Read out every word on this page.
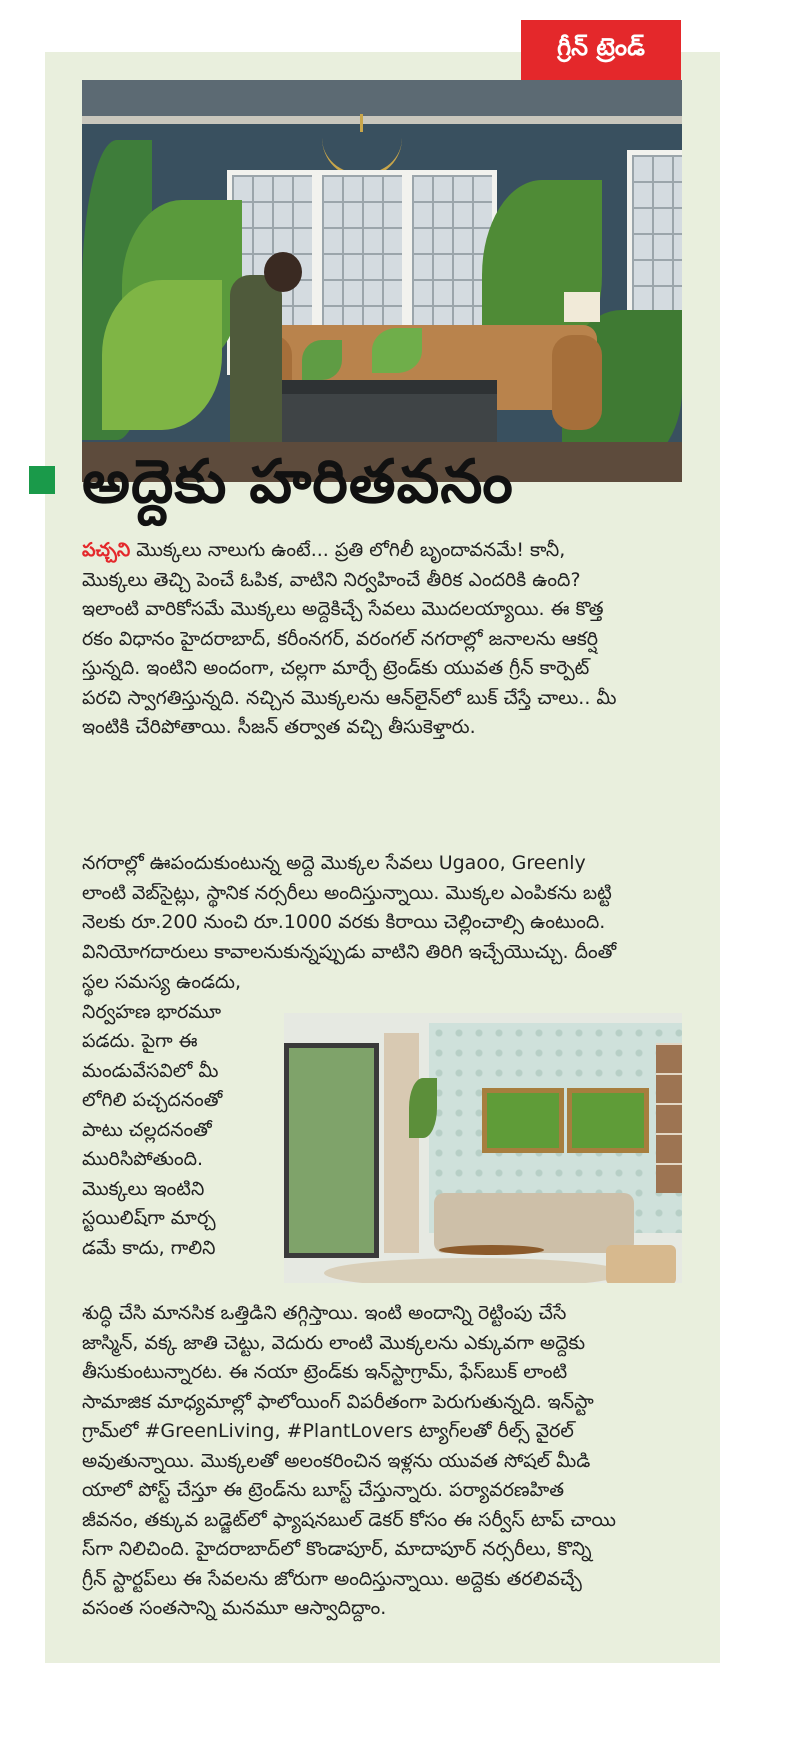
గ్రీన్ ట్రెండ్
అద్దెకు హరితవనం
పచ్చని మొక్కలు నాలుగు ఉంటే... ప్రతి లోగిలీ బృందావనమే! కానీ,
మొక్కలు తెచ్చి పెంచే ఓపిక, వాటిని నిర్వహించే తీరిక ఎందరికి ఉంది?
ఇలాంటి వారికోసమే మొక్కలు అద్దెకిచ్చే సేవలు మొదలయ్యాయి. ఈ కొత్త
రకం విధానం హైదరాబాద్, కరీంనగర్, వరంగల్ నగరాల్లో జనాలను ఆకర్షి
స్తున్నది. ఇంటిని అందంగా, చల్లగా మార్చే ట్రెండ్‌కు యువత గ్రీన్ కార్పెట్
పరచి స్వాగతిస్తున్నది. నచ్చిన మొక్కలను ఆన్‌లైన్‌లో బుక్ చేస్తే చాలు.. మీ
ఇంటికి చేరిపోతాయి. సీజన్ తర్వాత వచ్చి తీసుకెళ్తారు.
నగరాల్లో ఊపందుకుంటున్న అద్దె మొక్కల సేవలు Ugaoo, Greenly
లాంటి వెబ్‌సైట్లు, స్థానిక నర్సరీలు అందిస్తున్నాయి. మొక్కల ఎంపికను బట్టి
నెలకు రూ.200 నుంచి రూ.1000 వరకు కిరాయి చెల్లించాల్సి ఉంటుంది.
వినియోగదారులు కావాలనుకున్నప్పుడు వాటిని తిరిగి ఇచ్చేయొచ్చు. దీంతో
స్థల సమస్య ఉండదు,
నిర్వహణ భారమూ
పడదు. పైగా ఈ
మండువేసవిలో మీ
లోగిలి పచ్చదనంతో
పాటు చల్లదనంతో
మురిసిపోతుంది.
మొక్కలు ఇంటిని
స్టయిలిష్‌గా మార్చ
డమే కాదు, గాలిని
శుద్ధి చేసి మానసిక ఒత్తిడిని తగ్గిస్తాయి. ఇంటి అందాన్ని రెట్టింపు చేసే
జాస్మిన్, వక్క జాతి చెట్టు, వెదురు లాంటి మొక్కలను ఎక్కువగా అద్దెకు
తీసుకుంటున్నారట. ఈ నయా ట్రెండ్‌కు ఇన్‌స్టాగ్రామ్, ఫేస్‌బుక్ లాంటి
సామాజిక మాధ్యమాల్లో ఫాలోయింగ్ విపరీతంగా పెరుగుతున్నది. ఇన్‌స్టా
గ్రామ్‌లో #GreenLiving, #PlantLovers ట్యాగ్‌లతో రీల్స్ వైరల్
అవుతున్నాయి. మొక్కలతో అలంకరించిన ఇళ్లను యువత సోషల్ మీడి
యాలో పోస్ట్ చేస్తూ ఈ ట్రెండ్‌ను బూస్ట్ చేస్తున్నారు. పర్యావరణహిత
జీవనం, తక్కువ బడ్జెట్‌లో ఫ్యాషనబుల్ డెకర్ కోసం ఈ సర్వీస్ టాప్ చాయి
స్‌గా నిలిచింది. హైదరాబాద్‌లో కొండాపూర్, మాదాపూర్ నర్సరీలు, కొన్ని
గ్రీన్ స్టార్టప్‌లు ఈ సేవలను జోరుగా అందిస్తున్నాయి. అద్దెకు తరలివచ్చే
వసంత సంతసాన్ని మనమూ ఆస్వాదిద్దాం.
